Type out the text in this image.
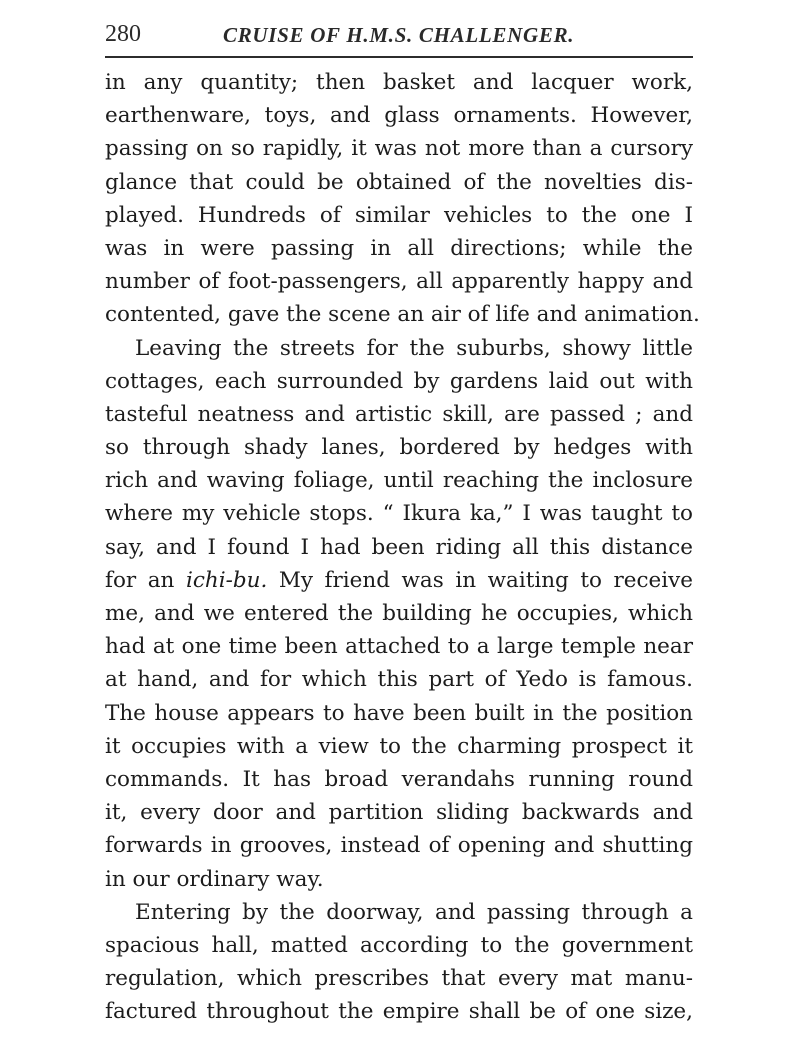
280	CRUISE OF H.M.S. CHALLENGER.
in any quantity; then basket and lacquer work,
earthenware, toys, and glass ornaments. However,
passing on so rapidly, it was not more than a cursory
glance that could be obtained of the novelties dis-
played. Hundreds of similar vehicles to the one I
was in were passing in all directions; while the
number of foot-passengers, all apparently happy and
contented, gave the scene an air of life and animation.
Leaving the streets for the suburbs, showy little
cottages, each surrounded by gardens laid out with
tasteful neatness and artistic skill, are passed ; and
so through shady lanes, bordered by hedges with
rich and waving foliage, until reaching the inclosure
where my vehicle stops. “ Ikura ka,” I was taught to
say, and I found I had been riding all this distance
for an ichi-bu. My friend was in waiting to receive
me, and we entered the building he occupies, which
had at one time been attached to a large temple near
at hand, and for which this part of Yedo is famous.
The house appears to have been built in the position
it occupies with a view to the charming prospect it
commands. It has broad verandahs running round
it, every door and partition sliding backwards and
forwards in grooves, instead of opening and shutting
in our ordinary way.
Entering by the doorway, and passing through a
spacious hall, matted according to the government
regulation, which prescribes that every mat manu-
factured throughout the empire shall be of one size,
